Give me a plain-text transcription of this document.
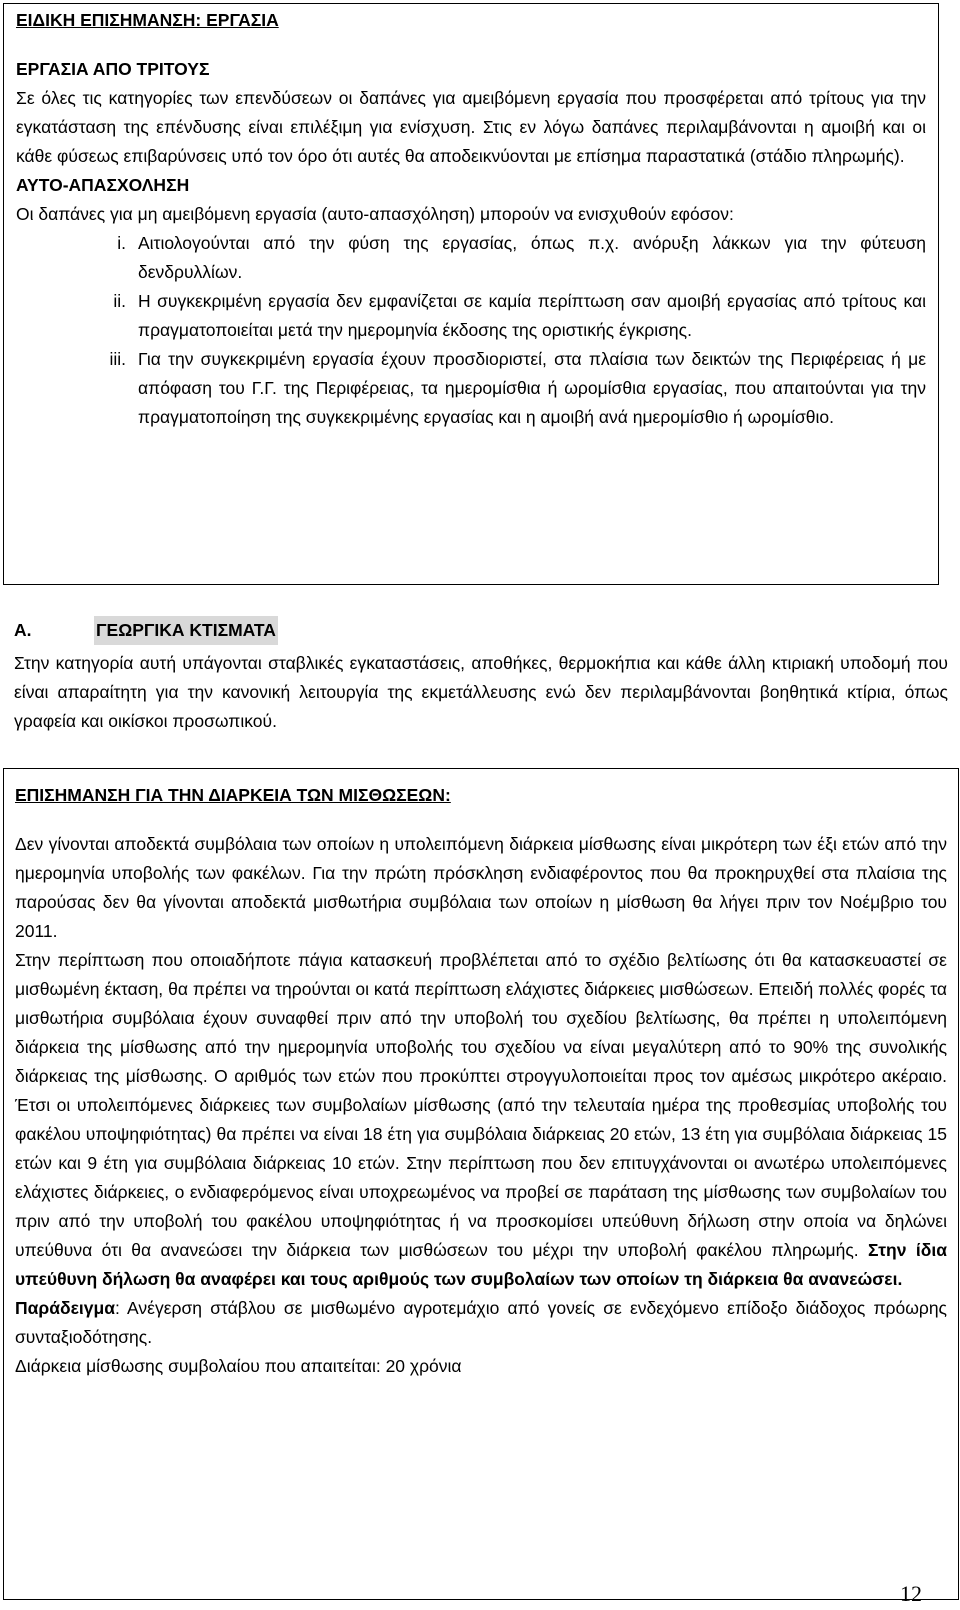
ΕΙΔΙΚΗ ΕΠΙΣΗΜΑΝΣΗ: ΕΡΓΑΣΙΑ

ΕΡΓΑΣΙΑ ΑΠΟ ΤΡΙΤΟΥΣ

Σε όλες τις κατηγορίες των επενδύσεων οι δαπάνες για αμειβόμενη εργασία που προσφέρεται από τρίτους για την εγκατάσταση της επένδυσης είναι επιλέξιμη για ενίσχυση. Στις εν λόγω δαπάνες περιλαμβάνονται η αμοιβή και οι κάθε φύσεως επιβαρύνσεις υπό τον όρο ότι αυτές θα αποδεικνύονται με επίσημα παραστατικά (στάδιο πληρωμής).

ΑΥΤΟ-ΑΠΑΣΧΟΛΗΣΗ

Οι δαπάνες για μη αμειβόμενη εργασία (αυτο-απασχόληση) μπορούν να ενισχυθούν εφόσον:

i. Αιτιολογούνται από την φύση της εργασίας, όπως π.χ. ανόρυξη λάκκων για την φύτευση δενδρυλλίων.
ii. Η συγκεκριμένη εργασία δεν εμφανίζεται σε καμία περίπτωση σαν αμοιβή εργασίας από τρίτους και πραγματοποιείται μετά την ημερομηνία έκδοσης της οριστικής έγκρισης.
iii. Για την συγκεκριμένη εργασία έχουν προσδιοριστεί, στα πλαίσια των δεικτών της Περιφέρειας ή με απόφαση του Γ.Γ. της Περιφέρειας, τα ημερομίσθια ή ωρομίσθια εργασίας, που απαιτούνται για την πραγματοποίηση της συγκεκριμένης εργασίας και η αμοιβή ανά ημερομίσθιο ή ωρομίσθιο.
Α.	ΓΕΩΡΓΙΚΑ ΚΤΙΣΜΑΤΑ

Στην κατηγορία αυτή υπάγονται σταβλικές εγκαταστάσεις, αποθήκες, θερμοκήπια και κάθε άλλη κτιριακή υποδομή που είναι απαραίτητη για την κανονική λειτουργία της εκμετάλλευσης ενώ δεν περιλαμβάνονται βοηθητικά κτίρια, όπως γραφεία και οικίσκοι προσωπικού.

ΕΠΙΣΗΜΑΝΣΗ ΓΙΑ ΤΗΝ ΔΙΑΡΚΕΙΑ ΤΩΝ ΜΙΣΘΩΣΕΩΝ:

Δεν γίνονται αποδεκτά συμβόλαια των οποίων η υπολειπόμενη διάρκεια μίσθωσης είναι μικρότερη των έξι ετών από την ημερομηνία υποβολής των φακέλων. Για την πρώτη πρόσκληση ενδιαφέροντος που θα προκηρυχθεί στα πλαίσια της παρούσας δεν θα γίνονται αποδεκτά μισθωτήρια συμβόλαια των οποίων η μίσθωση θα λήγει πριν τον Νοέμβριο του 2011.

Στην περίπτωση που οποιαδήποτε πάγια κατασκευή προβλέπεται από το σχέδιο βελτίωσης ότι θα κατασκευαστεί σε μισθωμένη έκταση, θα πρέπει να τηρούνται οι κατά περίπτωση ελάχιστες διάρκειες μισθώσεων. Επειδή πολλές φορές τα μισθωτήρια συμβόλαια έχουν συναφθεί πριν από την υποβολή του σχεδίου βελτίωσης, θα πρέπει η υπολειπόμενη διάρκεια της μίσθωσης από την ημερομηνία υποβολής του σχεδίου να είναι μεγαλύτερη από το 90% της συνολικής διάρκειας της μίσθωσης. Ο αριθμός των ετών που προκύπτει στρογγυλοποιείται προς τον αμέσως μικρότερο ακέραιο. Έτσι οι υπολειπόμενες διάρκειες των συμβολαίων μίσθωσης (από την τελευταία ημέρα της προθεσμίας υποβολής του φακέλου υποψηφιότητας) θα πρέπει να είναι 18 έτη για συμβόλαια διάρκειας 20 ετών, 13 έτη για συμβόλαια διάρκειας 15 ετών και 9 έτη για συμβόλαια διάρκειας 10 ετών. Στην περίπτωση που δεν επιτυγχάνονται οι ανωτέρω υπολειπόμενες ελάχιστες διάρκειες, ο ενδιαφερόμενος είναι υποχρεωμένος να προβεί σε παράταση της μίσθωσης των συμβολαίων του πριν από την υποβολή του φακέλου υποψηφιότητας ή να προσκομίσει υπεύθυνη δήλωση στην οποία να δηλώνει υπεύθυνα ότι θα ανανεώσει την διάρκεια των μισθώσεων του μέχρι την υποβολή φακέλου πληρωμής. Στην ίδια υπεύθυνη δήλωση θα αναφέρει και τους αριθμούς των συμβολαίων των οποίων τη διάρκεια θα ανανεώσει.

Παράδειγμα: Ανέγερση στάβλου σε μισθωμένο αγροτεμάχιο από γονείς σε ενδεχόμενο επίδοξο διάδοχος πρόωρης συνταξιοδότησης.

Διάρκεια μίσθωσης συμβολαίου που απαιτείται: 20 χρόνια

12
